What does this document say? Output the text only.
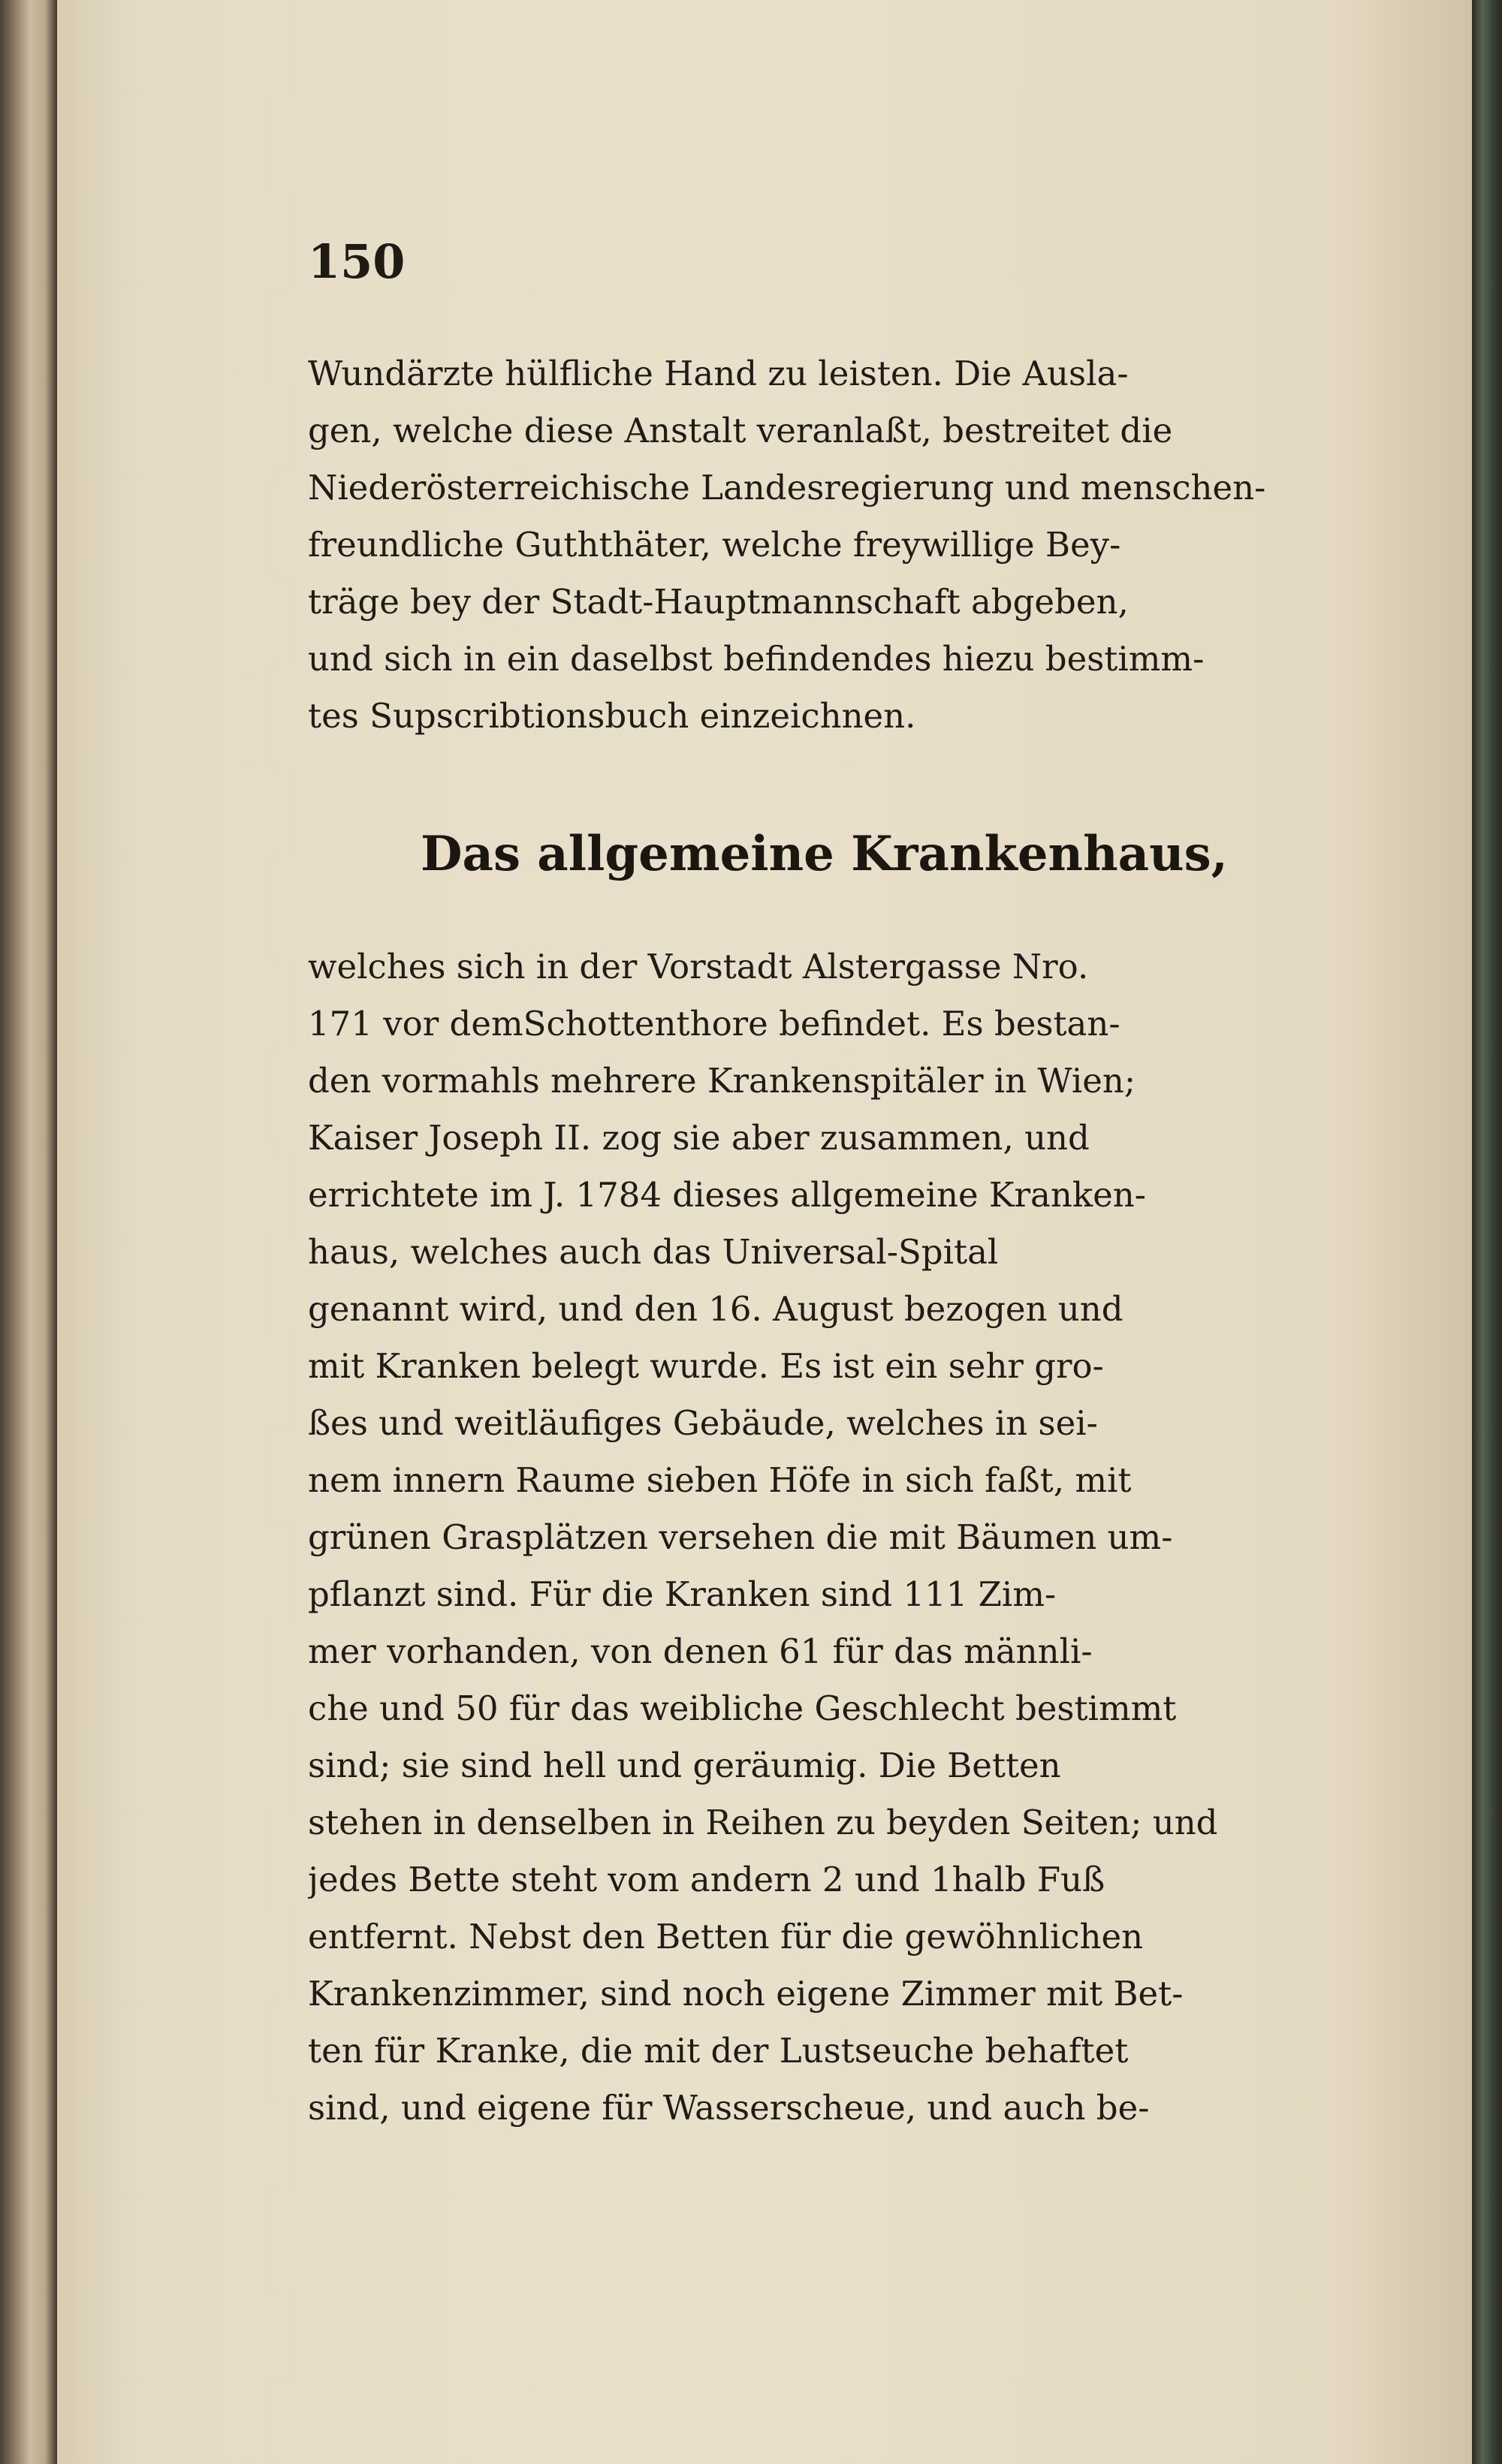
150
Wundärzte hülfliche Hand zu leisten. Die Ausla-
gen, welche diese Anstalt veranlaßt, bestreitet die
Niederösterreichische Landesregierung und menschen-
freundliche Guththäter, welche freywillige Bey-
träge bey der Stadt-Hauptmannschaft abgeben,
und sich in ein daselbst befindendes hiezu bestimm-
tes Supscribtionsbuch einzeichnen.
Das allgemeine Krankenhaus,
welches sich in der Vorstadt Alstergasse Nro.
171 vor demSchottenthore befindet. Es bestan-
den vormahls mehrere Krankenspitäler in Wien;
Kaiser Joseph II. zog sie aber zusammen, und
errichtete im J. 1784 dieses allgemeine Kranken-
haus, welches auch das Universal-Spital
genannt wird, und den 16. August bezogen und
mit Kranken belegt wurde. Es ist ein sehr gro-
ßes und weitläufiges Gebäude, welches in sei-
nem innern Raume sieben Höfe in sich faßt, mit
grünen Grasplätzen versehen die mit Bäumen um-
pflanzt sind. Für die Kranken sind 111 Zim-
mer vorhanden, von denen 61 für das männli-
che und 50 für das weibliche Geschlecht bestimmt
sind; sie sind hell und geräumig. Die Betten
stehen in denselben in Reihen zu beyden Seiten; und
jedes Bette steht vom andern 2 und 1halb Fuß
entfernt. Nebst den Betten für die gewöhnlichen
Krankenzimmer, sind noch eigene Zimmer mit Bet-
ten für Kranke, die mit der Lustseuche behaftet
sind, und eigene für Wasserscheue, und auch be-
